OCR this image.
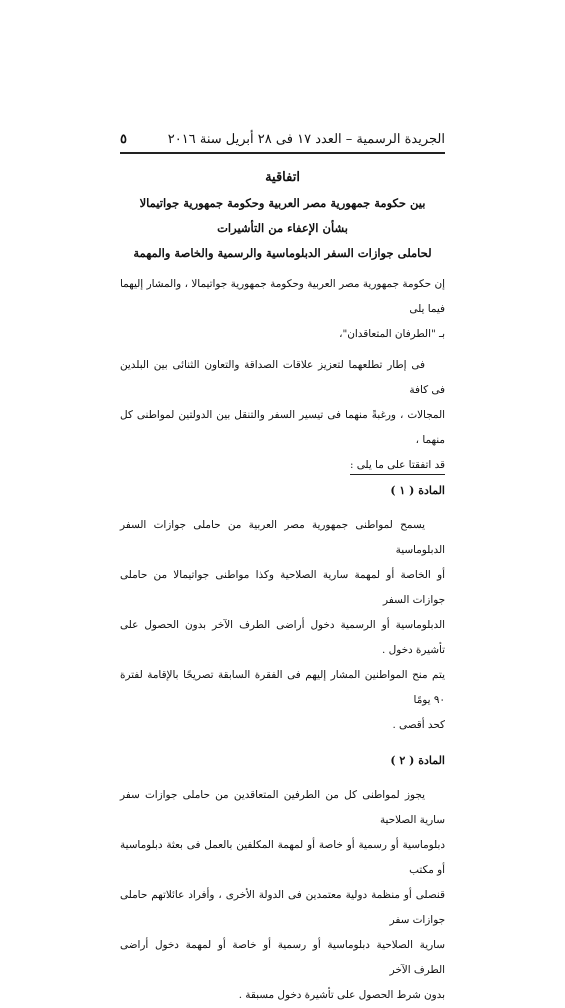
٥	الجريدة الرسمية – العدد ١٧ فى ٢٨ أبريل سنة ٢٠١٦

اتفاقية

بين حكومة جمهورية مصر العربية وحكومة جمهورية جواتيمالا

بشأن الإعفاء من التأشيرات

لحاملى جوازات السفر الدبلوماسية والرسمية والخاصة والمهمة

إن حكومة جمهورية مصر العربية وحكومة جمهورية جواتيمالا ، والمشار إليهما فيما يلى

بـ "الطرفان المتعاقدان"،

فى إطار تطلعهما لتعزيز علاقات الصداقة والتعاون الثنائى بين البلدين فى كافة

المجالات ، ورغبةً منهما فى تيسير السفر والتنقل بين الدولتين لمواطنى كل منهما ،

قد اتفقتا على ما يلى :

المادة ( ١ )

يسمح لمواطنى جمهورية مصر العربية من حاملى جوازات السفر الدبلوماسية

أو الخاصة أو لمهمة سارية الصلاحية وكذا مواطنى جواتيمالا من حاملى جوازات السفر

الدبلوماسية أو الرسمية دخول أراضى الطرف الآخر بدون الحصول على تأشيرة دخول .

يتم منح المواطنين المشار إليهم فى الفقرة السابقة تصريحًا بالإقامة لفترة ٩٠ يومًا

كحد أقصى .

المادة ( ٢ )

يجوز لمواطنى كل من الطرفين المتعاقدين من حاملى جوازات سفر سارية الصلاحية

دبلوماسية أو رسمية أو خاصة أو لمهمة المكلفين بالعمل فى بعثة دبلوماسية أو مكتب

قنصلى أو منظمة دولية معتمدين فى الدولة الأخرى ، وأفراد عائلاتهم حاملى جوازات سفر

سارية الصلاحية دبلوماسية أو رسمية أو خاصة أو لمهمة دخول أراضى الطرف الآخر

بدون شرط الحصول على تأشيرة دخول مسبقة .
